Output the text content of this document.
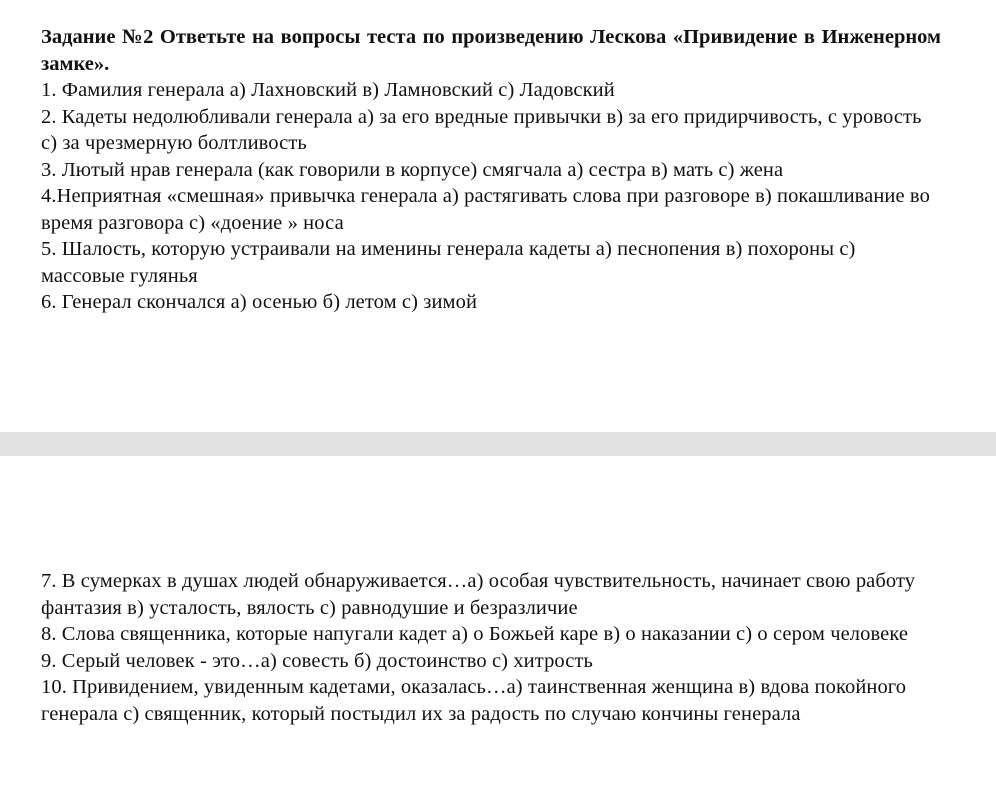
Задание №2 Ответьте на вопросы теста по произведению Лескова «Привидение в Инженерном замке».

1. Фамилия генерала а) Лахновский в) Ламновский с) Ладовский

2. Кадеты недолюбливали генерала а) за его вредные привычки в) за его придирчивость, с уровость с) за чрезмерную болтливость

3. Лютый нрав генерала (как говорили в корпусе) смягчала а) сестра в) мать с) жена

4.Неприятная «смешная» привычка генерала а) растягивать слова при разговоре в) покашливание во время разговора с) «доение » носа

5. Шалость, которую устраивали на именины генерала кадеты а) песнопения в) похороны с) массовые гулянья

6. Генерал скончался а) осенью б) летом с) зимой

7. В сумерках в душах людей обнаруживается…а) особая чувствительность, начинает свою работу фантазия в) усталость, вялость с) равнодушие и безразличие

8. Слова священника, которые напугали кадет а) о Божьей каре в) о наказании с) о сером человеке

9. Серый человек - это…а) совесть б) достоинство с) хитрость

10. Привидением, увиденным кадетами, оказалась…а) таинственная женщина в) вдова покойного генерала с) священник, который постыдил их за радость по случаю кончины генерала
